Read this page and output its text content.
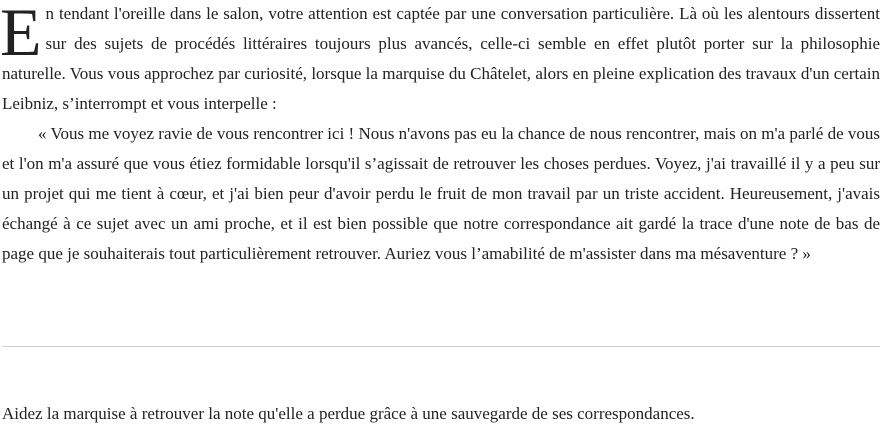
En tendant l'oreille dans le salon, votre attention est captée par une conversation particulière. Là où les alentours dissertent sur des sujets de procédés littéraires toujours plus avancés, celle-ci semble en effet plutôt porter sur la philosophie naturelle. Vous vous approchez par curiosité, lorsque la marquise du Châtelet, alors en pleine explication des travaux d'un certain Leibniz, s’interrompt et vous interpelle :

« Vous me voyez ravie de vous rencontrer ici ! Nous n'avons pas eu la chance de nous rencontrer, mais on m'a parlé de vous et l'on m'a assuré que vous étiez formidable lorsqu'il s’agissait de retrouver les choses perdues. Voyez, j'ai travaillé il y a peu sur un projet qui me tient à cœur, et j'ai bien peur d'avoir perdu le fruit de mon travail par un triste accident. Heureusement, j'avais échangé à ce sujet avec un ami proche, et il est bien possible que notre correspondance ait gardé la trace d'une note de bas de page que je souhaiterais tout particulièrement retrouver. Auriez vous l’amabilité de m'assister dans ma mésaventure ? »

Aidez la marquise à retrouver la note qu'elle a perdue grâce à une sauvegarde de ses correspondances.
